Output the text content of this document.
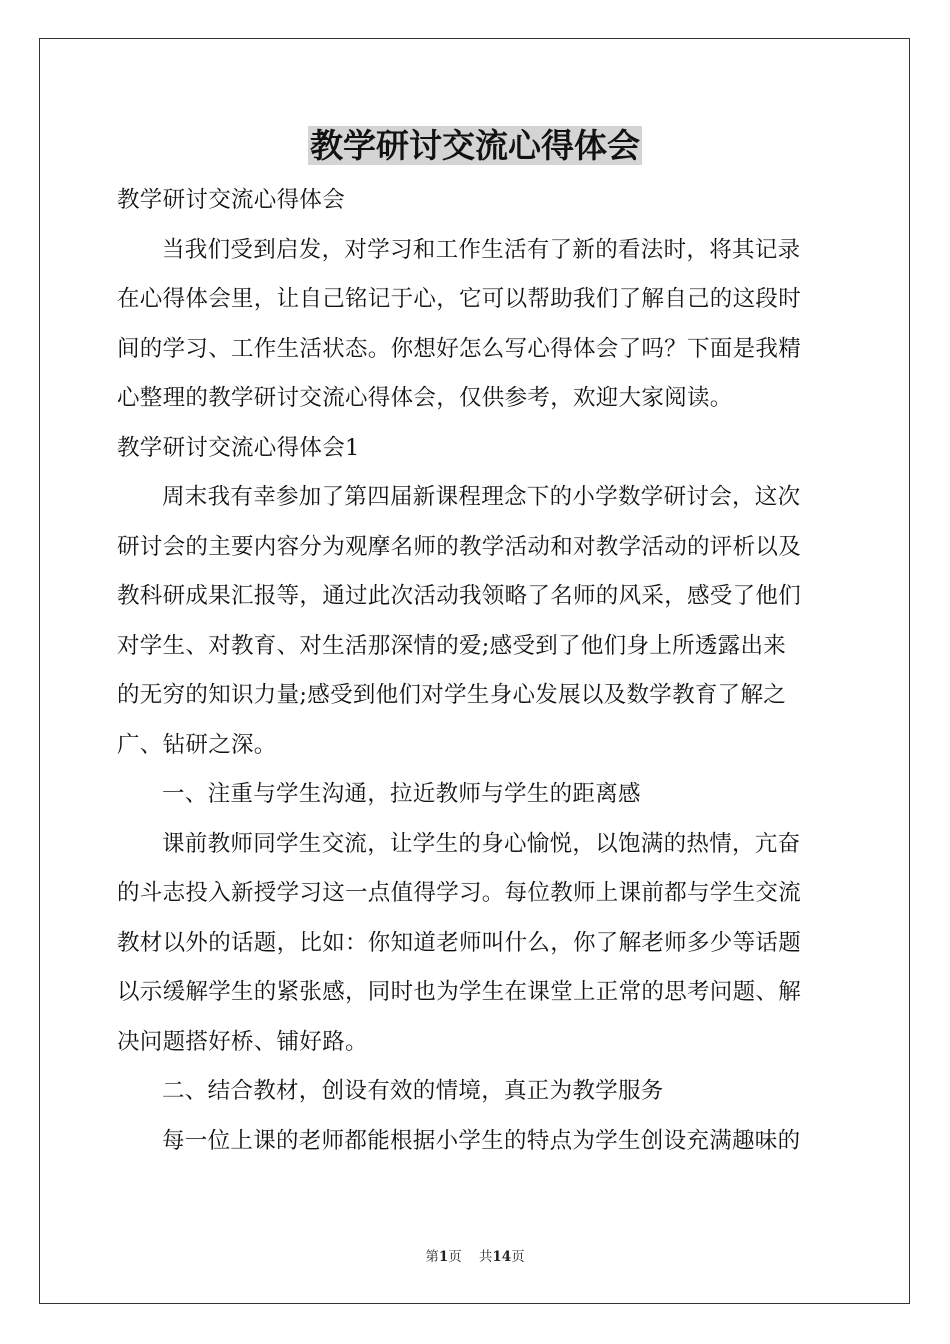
教学研讨交流心得体会
教学研讨交流心得体会
当我们受到启发，对学习和工作生活有了新的看法时，将其记录
在心得体会里，让自己铭记于心，它可以帮助我们了解自己的这段时
间的学习、工作生活状态。你想好怎么写心得体会了吗？下面是我精
心整理的教学研讨交流心得体会，仅供参考，欢迎大家阅读。
教学研讨交流心得体会1
周末我有幸参加了第四届新课程理念下的小学数学研讨会，这次
研讨会的主要内容分为观摩名师的教学活动和对教学活动的评析以及
教科研成果汇报等，通过此次活动我领略了名师的风采，感受了他们
对学生、对教育、对生活那深情的爱;感受到了他们身上所透露出来
的无穷的知识力量;感受到他们对学生身心发展以及数学教育了解之
广、钻研之深。
一、注重与学生沟通，拉近教师与学生的距离感
课前教师同学生交流，让学生的身心愉悦，以饱满的热情，亢奋
的斗志投入新授学习这一点值得学习。每位教师上课前都与学生交流
教材以外的话题，比如：你知道老师叫什么，你了解老师多少等话题
以示缓解学生的紧张感，同时也为学生在课堂上正常的思考问题、解
决问题搭好桥、铺好路。
二、结合教材，创设有效的情境，真正为教学服务
每一位上课的老师都能根据小学生的特点为学生创设充满趣味的
第1页 共14页
